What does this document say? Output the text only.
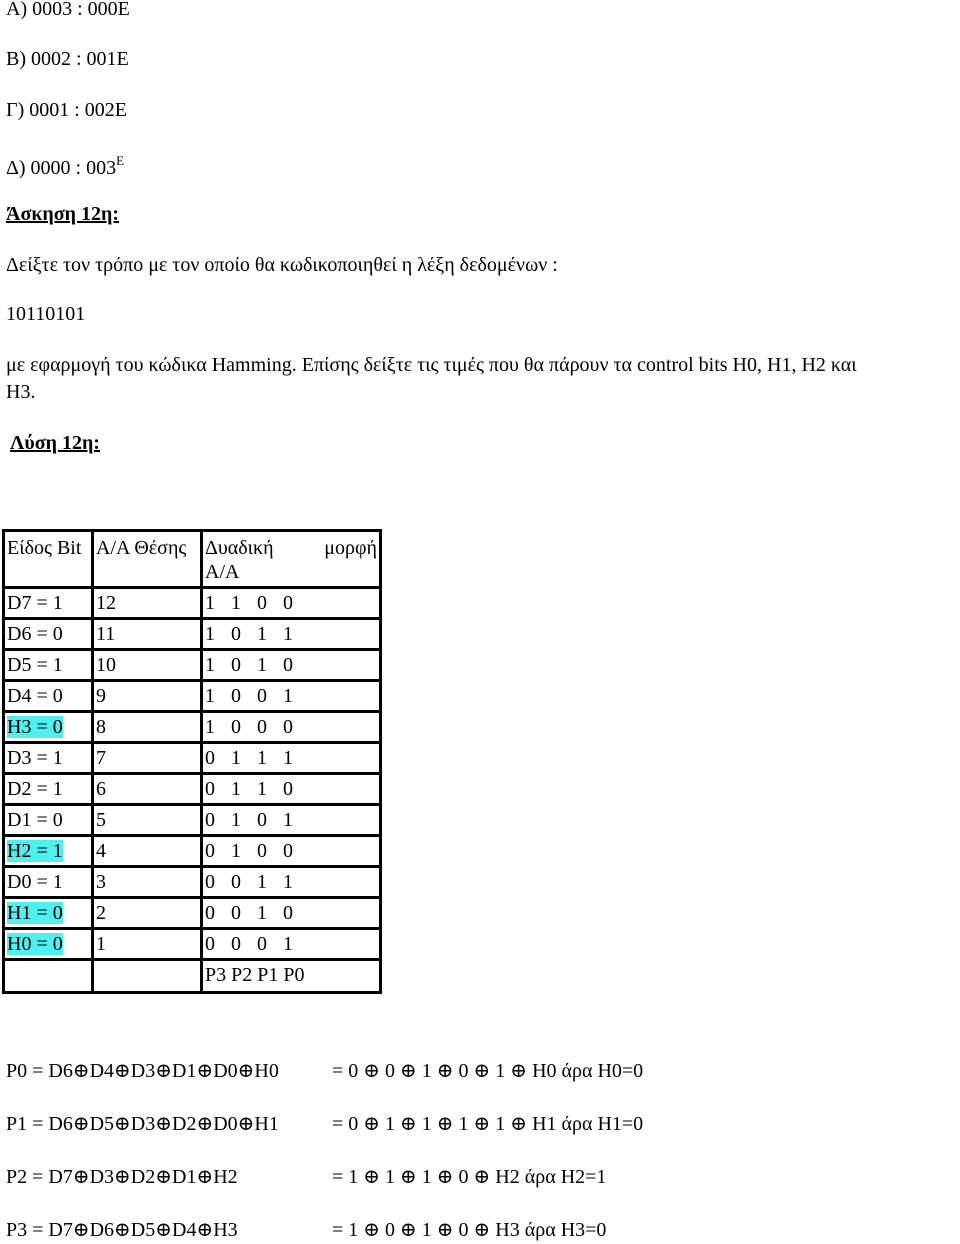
Α) 0003 : 000Ε
Β) 0002 : 001Ε
Γ) 0001 : 002Ε
Δ) 0000 : $003^E$
Άσκηση 12η:
Δείξτε τον τρόπο με τον οποίο θα κωδικοποιηθεί η λέξη δεδομένων :
10110101
με εφαρμογή του κώδικα Hamming. Επίσης δείξτε τις τιμές που θα πάρουν τα control bits H0, H1, H2 και
H3.
Λύση 12η:
Είδος Bit	Α/Α Θέσης	Δυαδική μορφή
Α/Α

D7 = 1	12	1 1 0 0
D6 = 0	11	1 0 1 1
D5 = 1	10	1 0 1 0
D4 = 0	9	1 0 0 1
H3 = 0	8	1 0 0 0
D3 = 1	7	0 1 1 1
D2 = 1	6	0 1 1 0
D1 = 0	5	0 1 0 1
H2 = 1	4	0 1 0 0
D0 = 1	3	0 0 1 1
H1 = 0	2	0 0 1 0
H0 = 0	1	0 0 0 1
		P3 P2 P1 P0
P0 = D6⊕D4⊕D3⊕D1⊕D0⊕H0	= 0 ⊕ 0 ⊕ 1 ⊕ 0 ⊕ 1 ⊕ H0 άρα H0=0
P1 = D6⊕D5⊕D3⊕D2⊕D0⊕H1	= 0 ⊕ 1 ⊕ 1 ⊕ 1 ⊕ 1 ⊕ H1 άρα H1=0
P2 = D7⊕D3⊕D2⊕D1⊕H2	= 1 ⊕ 1 ⊕ 1 ⊕ 0 ⊕ H2 άρα H2=1
P3 = D7⊕D6⊕D5⊕D4⊕H3	= 1 ⊕ 0 ⊕ 1 ⊕ 0 ⊕ H3 άρα H3=0
